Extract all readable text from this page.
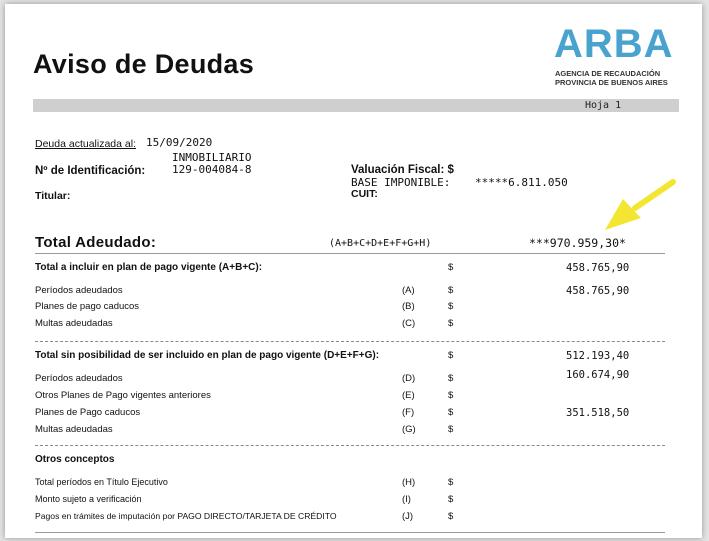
Aviso de Deudas	ARBA
AGENCIA DE RECAUDACIÓN
PROVINCIA DE BUENOS AIRES
Hoja 1
Deuda actualizada al: 15/09/2020
INMOBILIARIO
Nº de Identificación: 129-004084-8
Titular:
Valuación Fiscal: $
BASE IMPONIBLE: *****6.811.050
CUIT:
Total Adeudado:	(A+B+C+D+E+F+G+H)	***970.959,30*
Total a incluir en plan de pago vigente (A+B+C):	$	458.765,90
Períodos adeudados	(A)	$	458.765,90
Planes de pago caducos	(B)	$
Multas adeudadas	(C)	$
Total sin posibilidad de ser incluido en plan de pago vigente (D+E+F+G):	$	512.193,40
Períodos adeudados	(D)	$	160.674,90
Otros Planes de Pago vigentes anteriores	(E)	$
Planes de Pago caducos	(F)	$	351.518,50
Multas adeudadas	(G)	$
Otros conceptos
Total períodos en Título Ejecutivo	(H)	$
Monto sujeto a verificación	(I)	$
Pagos en trámites de imputación por PAGO DIRECTO/TARJETA DE CRÉDITO	(J)	$
